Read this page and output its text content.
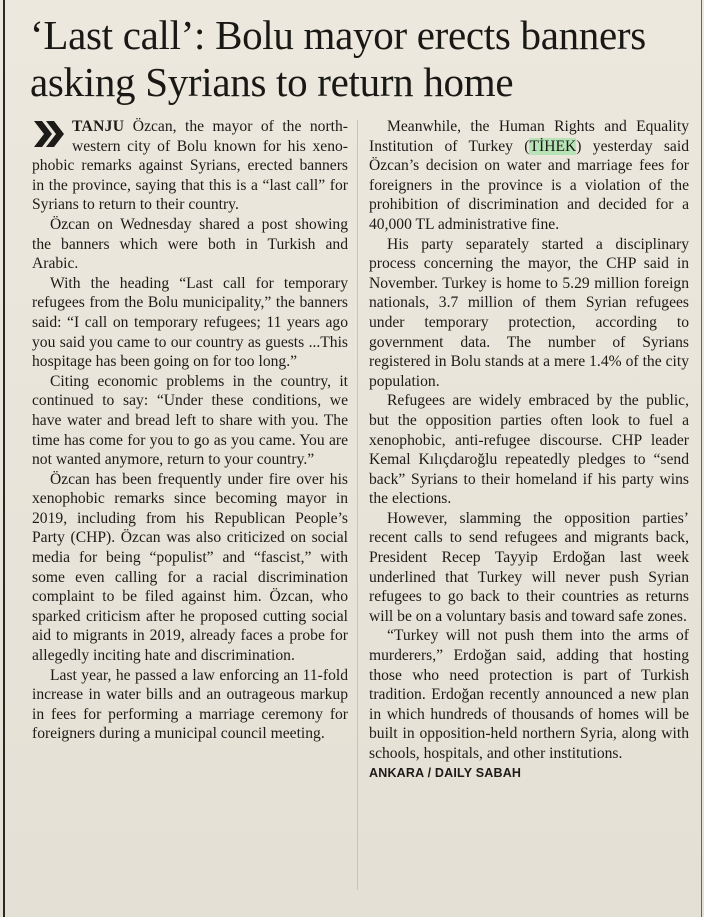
‘Last call’: Bolu mayor erects banners asking Syrians to return home

TANJU Özcan, the mayor of the northwestern city of Bolu known for his xenophobic remarks against Syrians, erected banners in the province, saying that this is a “last call” for Syrians to return to their country.

Özcan on Wednesday shared a post showing the banners which were both in Turkish and Arabic.

With the heading “Last call for temporary refugees from the Bolu municipality,” the banners said: “I call on temporary refugees; 11 years ago you said you came to our country as guests ...This hospitage has been going on for too long.”

Citing economic problems in the country, it continued to say: “Under these conditions, we have water and bread left to share with you. The time has come for you to go as you came. You are not wanted anymore, return to your country.”

Özcan has been frequently under fire over his xenophobic remarks since becoming mayor in 2019, including from his Republican People’s Party (CHP). Özcan was also criticized on social media for being “populist” and “fascist,” with some even calling for a racial discrimination complaint to be filed against him. Özcan, who sparked criticism after he proposed cutting social aid to migrants in 2019, already faces a probe for allegedly inciting hate and discrimination.

Last year, he passed a law enforcing an 11-fold increase in water bills and an outrageous markup in fees for performing a marriage ceremony for foreigners during a municipal council meeting.

Meanwhile, the Human Rights and Equality Institution of Turkey (TİHEK) yesterday said Özcan’s decision on water and marriage fees for foreigners in the province is a violation of the prohibition of discrimination and decided for a 40,000 TL administrative fine.

His party separately started a disciplinary process concerning the mayor, the CHP said in November. Turkey is home to 5.29 million foreign nationals, 3.7 million of them Syrian refugees under temporary protection, according to government data. The number of Syrians registered in Bolu stands at a mere 1.4% of the city population.

Refugees are widely embraced by the public, but the opposition parties often look to fuel a xenophobic, anti-refugee discourse. CHP leader Kemal Kılıçdaroğlu repeatedly pledges to “send back” Syrians to their homeland if his party wins the elections.

However, slamming the opposition parties’ recent calls to send refugees and migrants back, President Recep Tayyip Erdoğan last week underlined that Turkey will never push Syrian refugees to go back to their countries as returns will be on a voluntary basis and toward safe zones.

“Turkey will not push them into the arms of murderers,” Erdoğan said, adding that hosting those who need protection is part of Turkish tradition. Erdoğan recently announced a new plan in which hundreds of thousands of homes will be built in opposition-held northern Syria, along with schools, hospitals, and other institutions.

ANKARA / DAILY SABAH
